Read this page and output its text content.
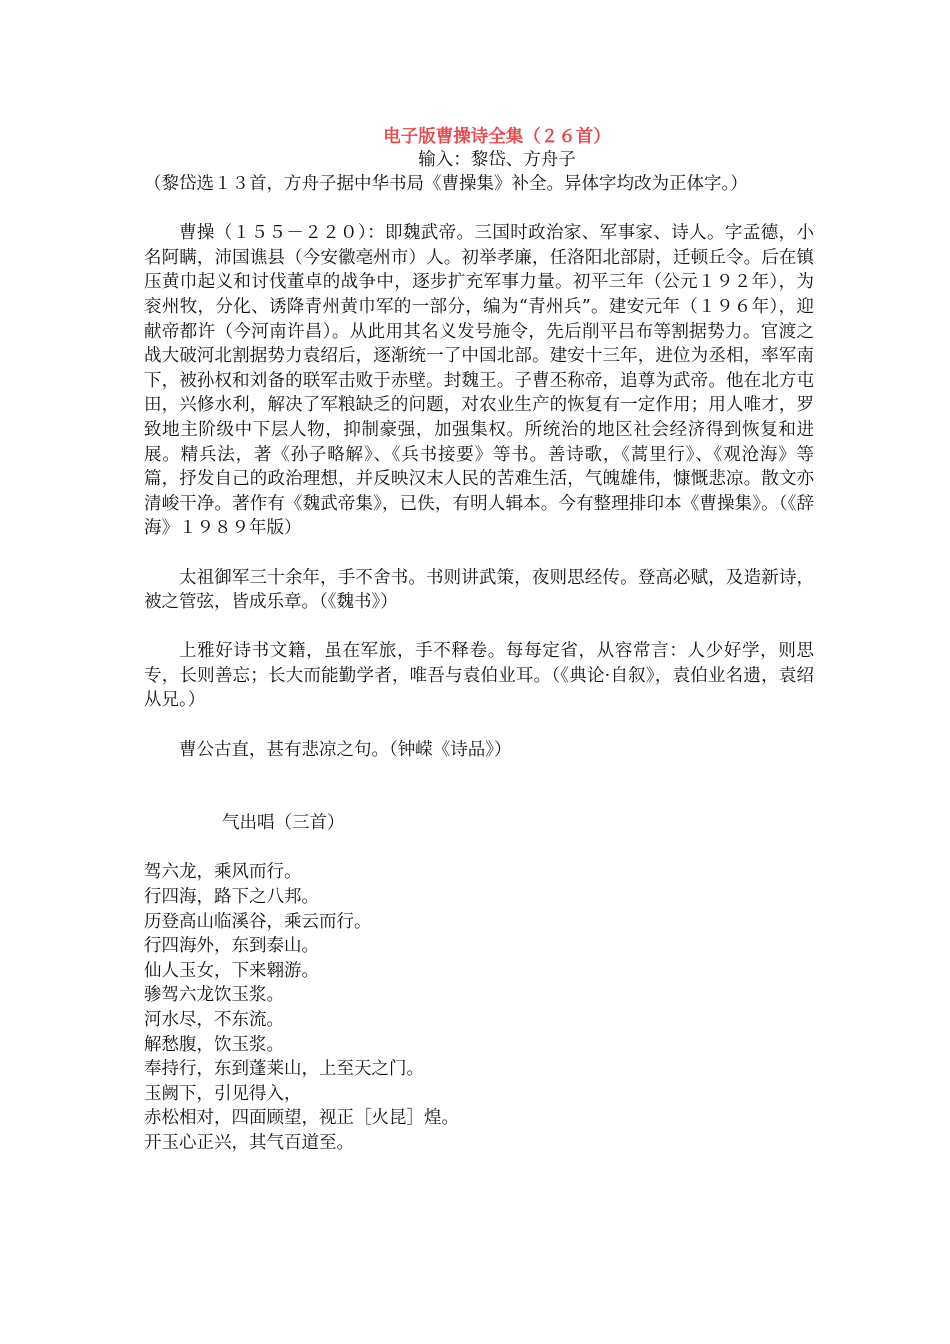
电子版曹操诗全集（２６首）
输入：黎岱、方舟子

（黎岱选１３首，方舟子据中华书局《曹操集》补全。异体字均改为正体字。）

曹操（１５５－２２０）：即魏武帝。三国时政治家、军事家、诗人。字孟德，小名阿瞒，沛国谯县（今安徽亳州市）人。初举孝廉，任洛阳北部尉，迁顿丘令。后在镇压黄巾起义和讨伐董卓的战争中，逐步扩充军事力量。初平三年（公元１９２年），为衮州牧，分化、诱降青州黄巾军的一部分，编为“青州兵”。建安元年（１９６年），迎献帝都许（今河南许昌）。从此用其名义发号施令，先后削平吕布等割据势力。官渡之战大破河北割据势力袁绍后，逐渐统一了中国北部。建安十三年，进位为丞相，率军南下，被孙权和刘备的联军击败于赤壁。封魏王。子曹丕称帝，追尊为武帝。他在北方屯田，兴修水利，解决了军粮缺乏的问题，对农业生产的恢复有一定作用；用人唯才，罗致地主阶级中下层人物，抑制豪强，加强集权。所统治的地区社会经济得到恢复和进展。精兵法，著《孙子略解》、《兵书接要》等书。善诗歌，《蒿里行》、《观沧海》等篇，抒发自己的政治理想，并反映汉末人民的苦难生活，气魄雄伟，慷慨悲凉。散文亦清峻干净。著作有《魏武帝集》，已佚，有明人辑本。今有整理排印本《曹操集》。（《辞海》１９８９年版）

太祖御军三十余年，手不舍书。书则讲武策，夜则思经传。登高必赋，及造新诗，被之管弦，皆成乐章。（《魏书》）

上雅好诗书文籍，虽在军旅，手不释卷。每每定省，从容常言：人少好学，则思专，长则善忘；长大而能勤学者，唯吾与袁伯业耳。（《典论·自叙》，袁伯业名遗，袁绍从兄。）

曹公古直，甚有悲凉之句。（钟嵘《诗品》）

气出唱（三首）

驾六龙，乘风而行。
行四海，路下之八邦。
历登高山临溪谷，乘云而行。
行四海外，东到泰山。
仙人玉女，下来翱游。
骖驾六龙饮玉浆。
河水尽，不东流。
解愁腹，饮玉浆。
奉持行，东到蓬莱山，上至天之门。
玉阙下，引见得入，
赤松相对，四面顾望，视正［火昆］煌。
开玉心正兴，其气百道至。
